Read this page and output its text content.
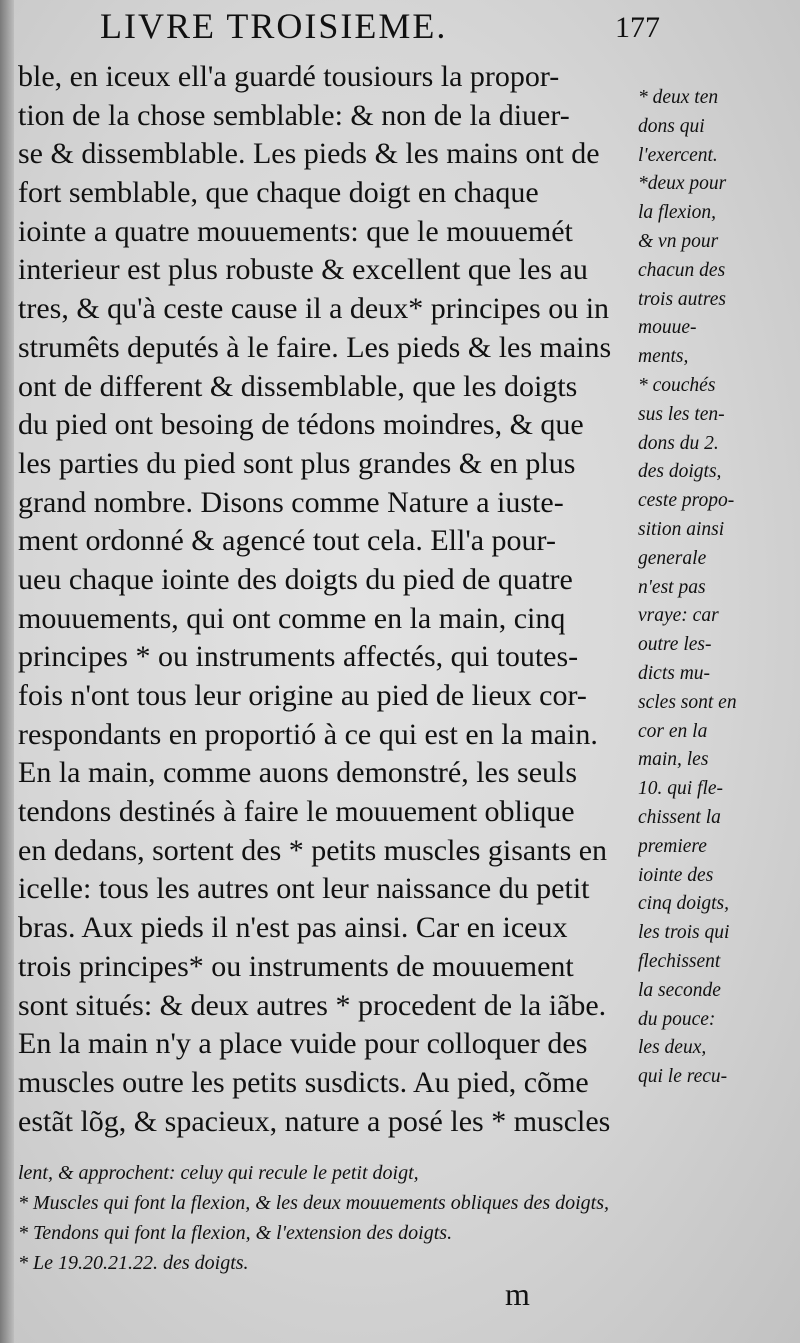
LIVRE TROISIEME.	177
ble, en iceux ell'a guardé tousiours la propor-
tion de la chose semblable: & non de la diuer-
se & dissemblable. Les pieds & les mains ont de
fort semblable, que chaque doigt en chaque
iointe a quatre mouuements: que le mouuemét
interieur est plus robuste & excellent que les au
tres, & qu'à ceste cause il a deux* principes ou in
strumêts deputés à le faire. Les pieds & les mains
ont de different & dissemblable, que les doigts
du pied ont besoing de tédons moindres, & que
les parties du pied sont plus grandes & en plus
grand nombre. Disons comme Nature a iuste-
ment ordonné & agencé tout cela. Ell'a pour-
ueu chaque iointe des doigts du pied de quatre
mouuements, qui ont comme en la main, cinq
principes * ou instruments affectés, qui toutes-
fois n'ont tous leur origine au pied de lieux cor-
respondants en proportió à ce qui est en la main.
En la main, comme auons demonstré, les seuls
tendons destinés à faire le mouuement oblique
en dedans, sortent des * petits muscles gisants en
icelle: tous les autres ont leur naissance du petit
bras. Aux pieds il n'est pas ainsi. Car en iceux
trois principes* ou instruments de mouuement
sont situés: & deux autres * procedent de la iãbe.
En la main n'y a place vuide pour colloquer des
muscles outre les petits susdicts. Au pied, cõme
estãt lõg, & spacieux, nature a posé les * muscles
* deux ten
dons qui
l'exercent.
*deux pour
la flexion,
& vn pour
chacun des
trois autres
mouue-
ments,
* couchés
sus les ten-
dons du 2.
des doigts,
ceste propo-
sition ainsi
generale
n'est pas
vraye: car
outre les-
dicts mu-
scles sont en
cor en la
main, les
10. qui fle-
chissent la
premiere
iointe des
cinq doigts,
les trois qui
flechissent
la seconde
du pouce:
les deux,
qui le recu-
lent, & approchent: celuy qui recule le petit doigt,
* Muscles qui font la flexion, & les deux mouuements obliques des doigts,
* Tendons qui font la flexion, & l'extension des doigts.
* Le 19.20.21.22. des doigts.
m
